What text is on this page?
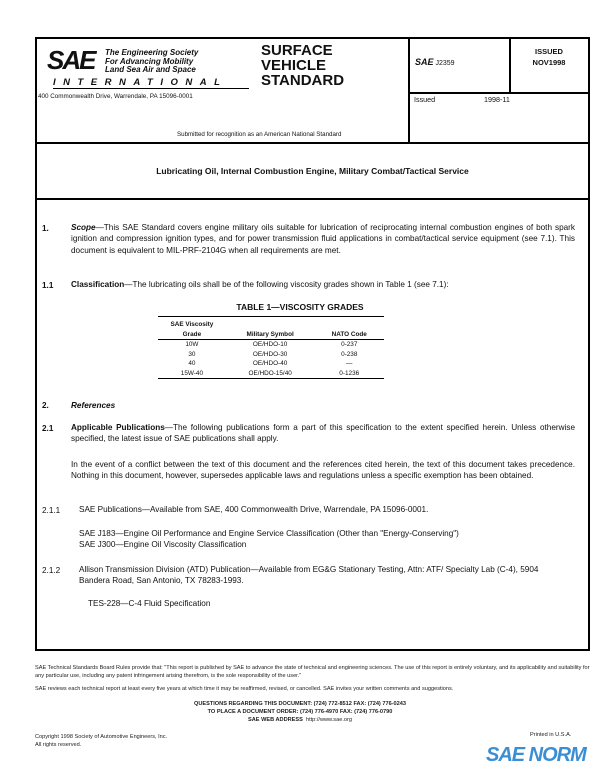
SAE The Engineering Society
For Advancing Mobility
Land Sea Air and Space
INTERNATIONAL
400 Commonwealth Drive, Warrendale, PA 15096-0001
SURFACE
VEHICLE
STANDARD
Submitted for recognition as an American National Standard
SAE J2359
ISSUED
NOV1998
Issued	1998-11
Lubricating Oil, Internal Combustion Engine, Military Combat/Tactical Service
1.	Scope—This SAE Standard covers engine military oils suitable for lubrication of reciprocating internal combustion engines of both spark ignition and compression ignition types, and for power transmission fluid applications in combat/tactical service equipment (see 7.1). This document is equivalent to MIL-PRF-2104G when all requirements are met.
1.1 Classification—The lubricating oils shall be of the following viscosity grades shown in Table 1 (see 7.1):
TABLE 1—VISCOSITY GRADES
SAE Viscosity Grade	Military Symbol	NATO Code
10W	OE/HDO-10	0-237
30	OE/HDO-30	0-238
40	OE/HDO-40	—
15W-40	OE/HDO-15/40	0-1236
2.	References
2.1 Applicable Publications—The following publications form a part of this specification to the extent specified herein. Unless otherwise specified, the latest issue of SAE publications shall apply.
In the event of a conflict between the text of this document and the references cited herein, the text of this document takes precedence. Nothing in this document, however, supersedes applicable laws and regulations unless a specific exemption has been obtained.
2.1.1 SAE Publications—Available from SAE, 400 Commonwealth Drive, Warrendale, PA 15096-0001.
SAE J183—Engine Oil Performance and Engine Service Classification (Other than "Energy-Conserving")
SAE J300—Engine Oil Viscosity Classification
2.1.2 Allison Transmission Division (ATD) Publication—Available from EG&G Stationary Testing, Attn: ATF/ Specialty Lab (C-4), 5904 Bandera Road, San Antonio, TX 78283-1993.
TES-228—C-4 Fluid Specification
SAE Technical Standards Board Rules provide that: "This report is published by SAE to advance the state of technical and engineering sciences. The use of this report is entirely voluntary, and its applicability and suitability for any particular use, including any patent infringement arising therefrom, is the sole responsibility of the user."
SAE reviews each technical report at least every five years at which time it may be reaffirmed, revised, or cancelled. SAE invites your written comments and suggestions.
QUESTIONS REGARDING THIS DOCUMENT: (724) 772-8512 FAX: (724) 776-0243
TO PLACE A DOCUMENT ORDER: (724) 776-4970 FAX: (724) 776-0790
SAE WEB ADDRESS http://www.sae.org
Copyright 1998 Society of Automotive Engineers, Inc.
All rights reserved.
Printed in U.S.A.
SAE NORM
